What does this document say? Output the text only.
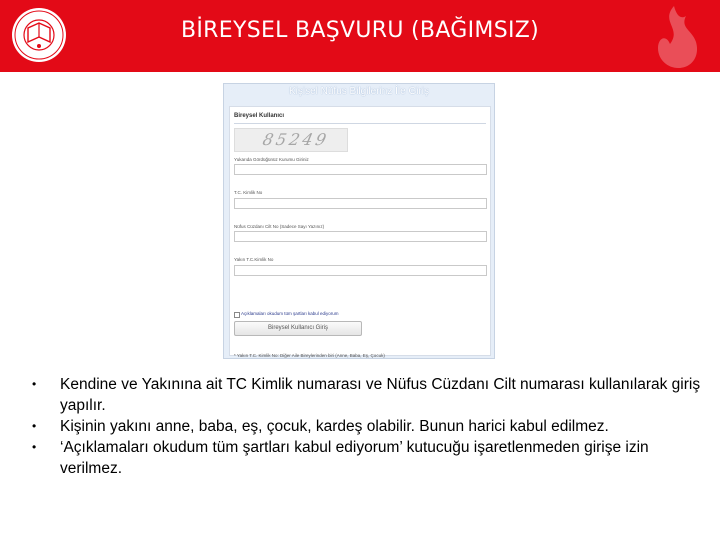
BİREYSEL BAŞVURU (BAĞIMSIZ)
Kişisel Nüfus Bilgilerinz İle Giriş
Bireysel Kullanıcı
85249
Yukarıda Gördüğünüz Kurumu Giriniz
T.C. Kimlik No
Nüfus Cüzdanı Cilt No (Sadece Sayı Yazınız)
Yakın T.C.Kimlik No
Açıklamaları okudum tüm şartları kabul ediyorum
Bireysel Kullanıcı Giriş
* Yakın T.C. Kimlik No: Diğer Aile Bireylerinden biri (Anne, Baba, Eş, Çocuk)
• Kendine ve Yakınına ait TC Kimlik numarası ve Nüfus Cüzdanı Cilt numarası kullanılarak giriş yapılır.
• Kişinin yakını anne, baba, eş, çocuk, kardeş olabilir. Bunun harici kabul edilmez.
• ‘Açıklamaları okudum tüm şartları kabul ediyorum’ kutucuğu işaretlenmeden girişe izin verilmez.
